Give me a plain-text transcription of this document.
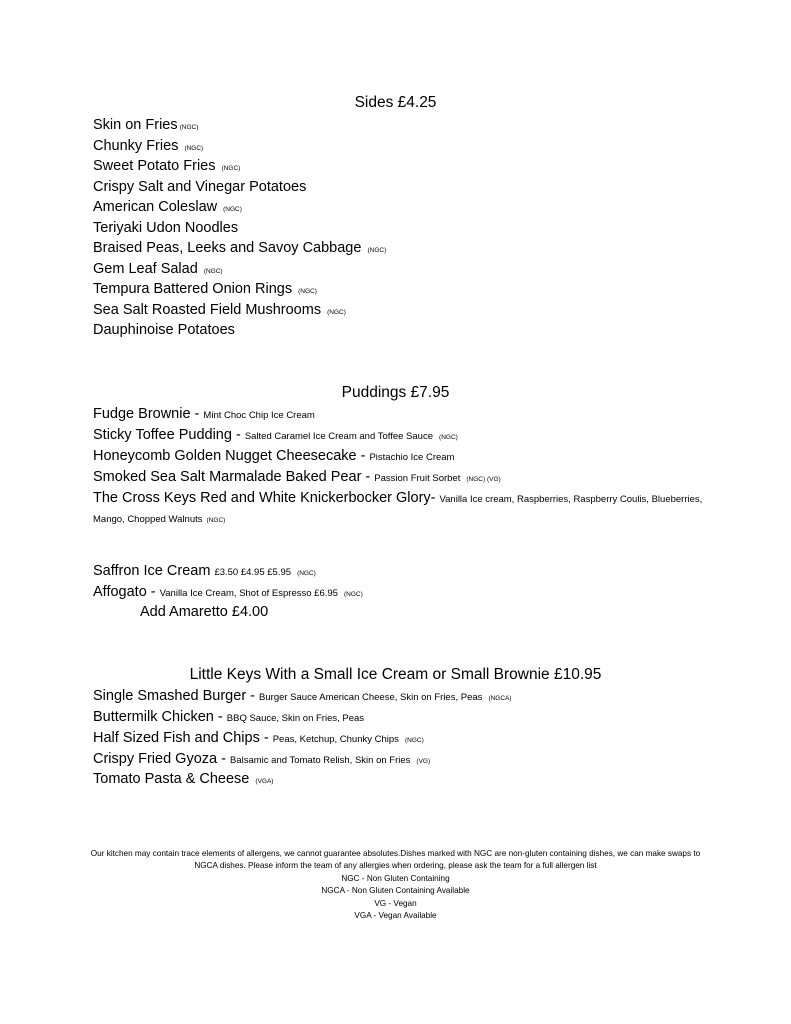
Sides £4.25
Skin on Fries (NGC)
Chunky Fries (NGC)
Sweet Potato Fries (NGC)
Crispy Salt and Vinegar Potatoes
American Coleslaw (NGC)
Teriyaki Udon Noodles
Braised Peas, Leeks and Savoy Cabbage (NGC)
Gem Leaf Salad (NGC)
Tempura Battered Onion Rings (NGC)
Sea Salt Roasted Field Mushrooms (NGC)
Dauphinoise Potatoes
Puddings £7.95
Fudge Brownie - Mint Choc Chip Ice Cream
Sticky Toffee Pudding - Salted Caramel Ice Cream and Toffee Sauce (NGC)
Honeycomb Golden Nugget Cheesecake - Pistachio Ice Cream
Smoked Sea Salt Marmalade Baked Pear - Passion Fruit Sorbet (NGC) (VG)
The Cross Keys Red and White Knickerbocker Glory- Vanilla Ice cream, Raspberries, Raspberry Coulis, Blueberries, Mango, Chopped Walnuts (NGC)
Saffron Ice Cream £3.50 £4.95 £5.95 (NGC)
Affogato - Vanilla Ice Cream, Shot of Espresso £6.95 (NGC)
Add Amaretto £4.00
Little Keys With a Small Ice Cream or Small Brownie £10.95
Single Smashed Burger - Burger Sauce American Cheese, Skin on Fries, Peas (NGCA)
Buttermilk Chicken - BBQ Sauce, Skin on Fries, Peas
Half Sized Fish and Chips - Peas, Ketchup, Chunky Chips (NGC)
Crispy Fried Gyoza - Balsamic and Tomato Relish, Skin on Fries (VG)
Tomato Pasta & Cheese (VGA)
Our kitchen may contain trace elements of allergens, we cannot guarantee absolutes.Dishes marked with NGC are non-gluten containing dishes, we can make swaps to NGCA dishes. Please inform the team of any allergies when ordering, please ask the team for a full allergen list
NGC - Non Gluten Containing
NGCA - Non Gluten Containing Available
VG - Vegan
VGA - Vegan Available
